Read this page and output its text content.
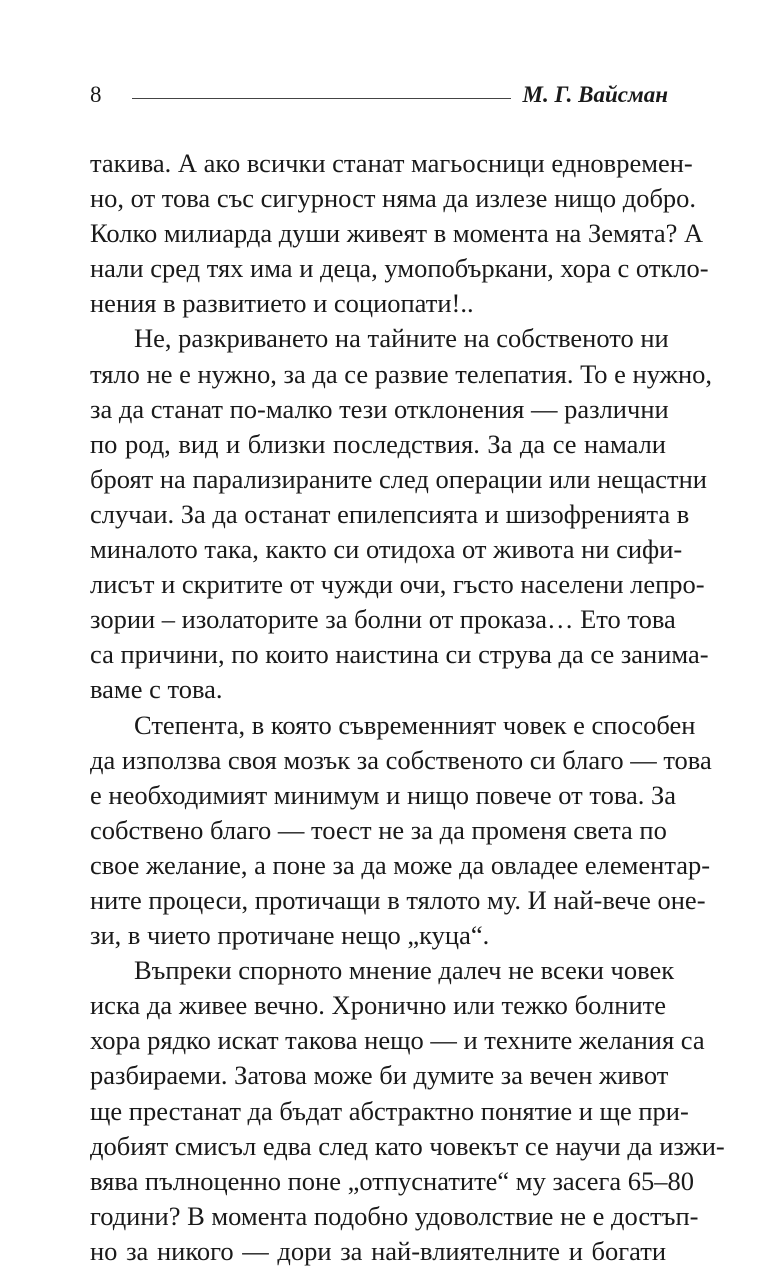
8	М. Г. Вайсман
такива. А ако всички станат магьосници едновремен-
но, от това със сигурност няма да излезе нищо добро.
Колко милиарда души живеят в момента на Земята? А
нали сред тях има и деца, умопобъркани, хора с откло-
нения в развитието и социопати!..
Не, разкриването на тайните на собственото ни
тяло не е нужно, за да се развие телепатия. То е нужно,
за да станат по-малко тези отклонения — различни
по род, вид и близки последствия. За да се намали
броят на парализираните след операции или нещастни
случаи. За да останат епилепсията и шизофренията в
миналото така, както си отидоха от живота ни сифи-
лисът и скритите от чужди очи, гъсто населени лепро-
зории – изолаторите за болни от проказа… Ето това
са причини, по които наистина си струва да се занима-
ваме с това.
Степента, в която съвременният човек е способен
да използва своя мозък за собственото си благо — това
е необходимият минимум и нищо повече от това. За
собствено благо — тоест не за да променя света по
свое желание, а поне за да може да овладее елементар-
ните процеси, протичащи в тялото му. И най-вече оне-
зи, в чието протичане нещо „куца“.
Въпреки спорното мнение далеч не всеки човек
иска да живее вечно. Хронично или тежко болните
хора рядко искат такова нещо — и техните желания са
разбираеми. Затова може би думите за вечен живот
ще престанат да бъдат абстрактно понятие и ще при-
добият смисъл едва след като човекът се научи да изжи-
вява пълноценно поне „отпуснатите“ му засега 65–80
години? В момента подобно удоволствие не е достъп-
но за никого — дори за най-влиятелните и богати
